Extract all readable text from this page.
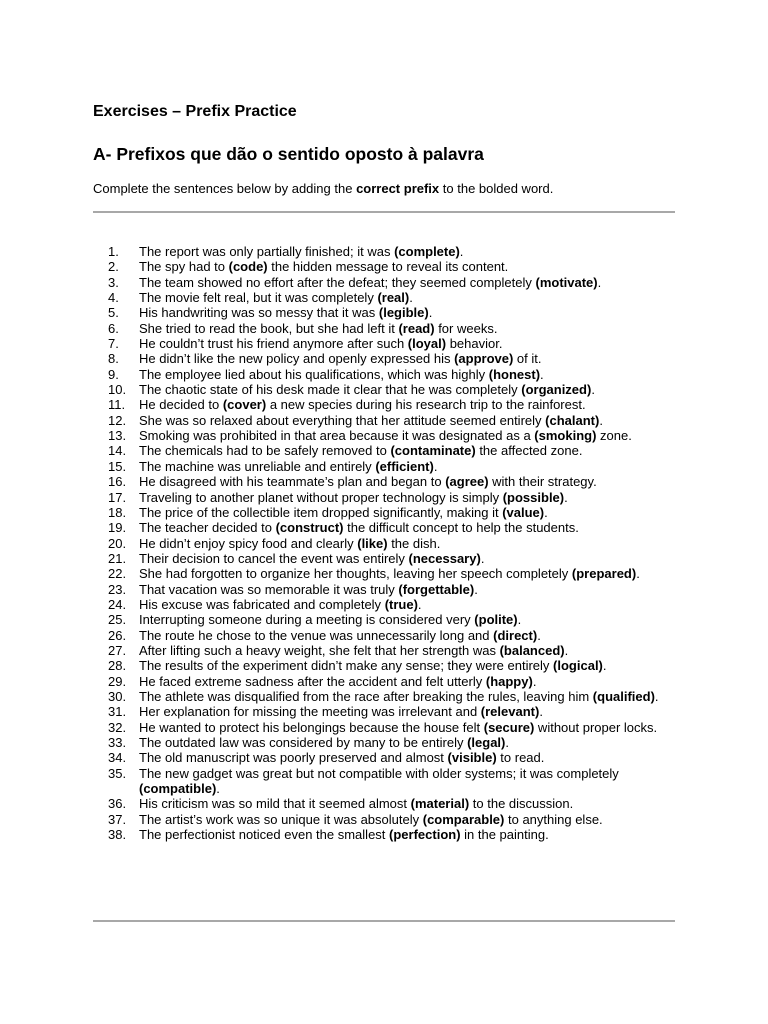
Exercises – Prefix Practice
A- Prefixos que dão o sentido oposto à palavra

Complete the sentences below by adding the correct prefix to the bolded word.

1.	The report was only partially finished; it was (complete).
2.	The spy had to (code) the hidden message to reveal its content.
3.	The team showed no effort after the defeat; they seemed completely (motivate).
4.	The movie felt real, but it was completely (real).
5.	His handwriting was so messy that it was (legible).
6.	She tried to read the book, but she had left it (read) for weeks.
7.	He couldn’t trust his friend anymore after such (loyal) behavior.
8.	He didn’t like the new policy and openly expressed his (approve) of it.
9.	The employee lied about his qualifications, which was highly (honest).
10. The chaotic state of his desk made it clear that he was completely (organized).
11.	He decided to (cover) a new species during his research trip to the rainforest.
12. She was so relaxed about everything that her attitude seemed entirely (chalant).
13. Smoking was prohibited in that area because it was designated as a (smoking) zone.
14. The chemicals had to be safely removed to (contaminate) the affected zone.
15. The machine was unreliable and entirely (efficient).
16. He disagreed with his teammate’s plan and began to (agree) with their strategy.
17. Traveling to another planet without proper technology is simply (possible).
18. The price of the collectible item dropped significantly, making it (value).
19. The teacher decided to (construct) the difficult concept to help the students.
20. He didn’t enjoy spicy food and clearly (like) the dish.
21. Their decision to cancel the event was entirely (necessary).
22. She had forgotten to organize her thoughts, leaving her speech completely (prepared).
23. That vacation was so memorable it was truly (forgettable).
24. His excuse was fabricated and completely (true).
25. Interrupting someone during a meeting is considered very (polite).
26. The route he chose to the venue was unnecessarily long and (direct).
27. After lifting such a heavy weight, she felt that her strength was (balanced).
28. The results of the experiment didn’t make any sense; they were entirely (logical).
29. He faced extreme sadness after the accident and felt utterly (happy).
30. The athlete was disqualified from the race after breaking the rules, leaving him (qualified).
31. Her explanation for missing the meeting was irrelevant and (relevant).
32. He wanted to protect his belongings because the house felt (secure) without proper locks.
33. The outdated law was considered by many to be entirely (legal).
34. The old manuscript was poorly preserved and almost (visible) to read.
35. The new gadget was great but not compatible with older systems; it was completely (compatible).
36. His criticism was so mild that it seemed almost (material) to the discussion.
37. The artist’s work was so unique it was absolutely (comparable) to anything else.
38. The perfectionist noticed even the smallest (perfection) in the painting.
